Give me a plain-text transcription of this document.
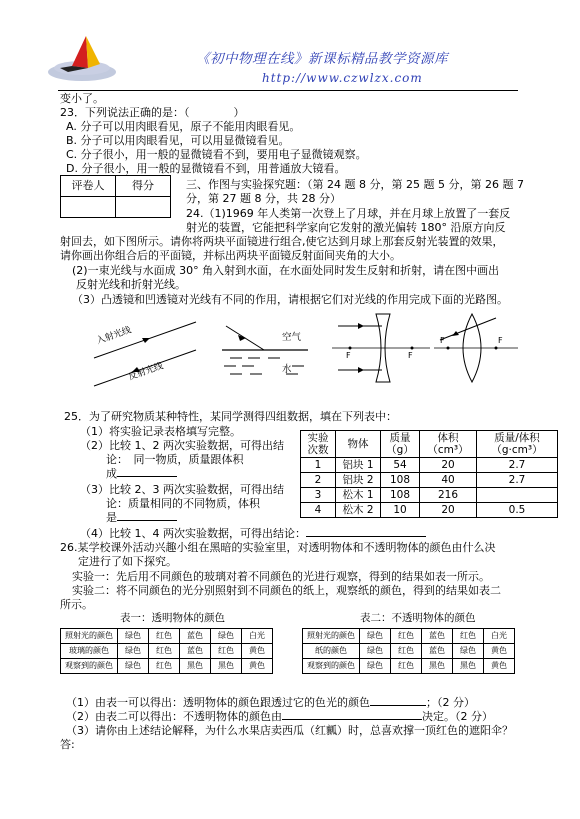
《初中物理在线》新课标精品教学资源库
http://www.czwlzx.com
变小了。
23．下列说法正确的是：（　　　　）
A. 分子可以用肉眼看见，原子不能用肉眼看见。
B. 分子可以用肉眼看见，可以用显微镜看见。
C. 分子很小，用一般的显微镜看不到，要用电子显微镜观察。
D. 分子很小，用一般的显微镜看不到，用普通放大镜看。
评卷人	得分
		三、作图与实验探究题：（第 24 题 8 分，第 25 题 5 分，第 26 题 7
分，第 27 题 8 分，共 28 分）
24.（1)1969 年人类第一次登上了月球，并在月球上放置了一套反
射光的装置，它能把科学家向它发射的激光偏转 180° 沿原方向反
射回去，如下图所示。请你将两块平面镜进行组合,使它达到月球上那套反射光装置的效果，
请你画出你组合后的平面镜，并标出两块平面镜反射面间夹角的大小。
(2)一束光线与水面成 30° 角入射到水面，在水面处同时发生反射和折射，请在图中画出
反射光线和折射光线。
（3）凸透镜和凹透镜对光线有不同的作用，请根据它们对光线的作用完成下面的光路图。
入射光线
反射光线
空气
水
F	F
F	F
25．为了研究物质某种特性，某同学测得四组数据，填在下列表中：
（1）将实验记录表格填写完整。
（2）比较 1、2 两次实验数据，可得出结
论：　同一物质，质量跟体积
成
（3）比较 2、3 两次实验数据，可得出结
论：质量相同的不同物质，体积
是
（4）比较 1、4 两次实验数据，可得出结论：
实验次数	物体	质量（g）	体积（cm³）	质量/体积（g·cm³）
1	铝块 1	54	20	2.7
2	铝块 2	108	40	2.7
3	松木 1	108	216	
4	松木 2	10	20	0.5
26.某学校课外活动兴趣小组在黑暗的实验室里，对透明物体和不透明物体的颜色由什么决
定进行了如下探究。
实验一：先后用不同颜色的玻璃对着不同颜色的光进行观察，得到的结果如表一所示。
实验二：将不同颜色的光分别照射到不同颜色的纸上，观察纸的颜色，得到的结果如表二
所示。
表一：透明物体的颜色	表二：不透明物体的颜色
照射光的颜色	绿色	红色	蓝色	绿色	白光
玻璃的颜色	绿色	红色	蓝色	红色	黄色
观察到的颜色	绿色	红色	黑色	黑色	黄色
照射光的颜色	绿色	红色	蓝色	红色	白光
纸的颜色	绿色	红色	蓝色	绿色	黄色
观察到的颜色	绿色	红色	黑色	黑色	黄色
（1）由表一可以得出：透明物体的颜色跟透过它的色光的颜色	；（2 分）
（2）由表二可以得出：不透明物体的颜色由	决定。（2 分）
（3）请你由上述结论解释，为什么水果店卖西瓜（红瓤）时，总喜欢撑一顶红色的遮阳伞？
答:
